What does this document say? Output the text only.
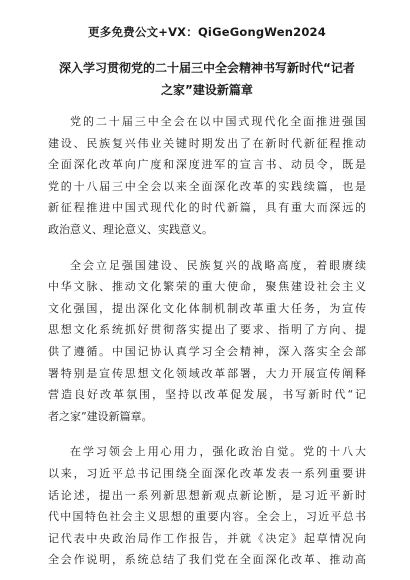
更多免费公文+VX：QiGeGongWen2024
深入学习贯彻党的二十届三中全会精神书写新时代“记者
之家”建设新篇章
党的二十届三中全会在以中国式现代化全面推进强国
建设、民族复兴伟业关键时期发出了在新时代新征程推动
全面深化改革向广度和深度进军的宣言书、动员令，既是
党的十八届三中全会以来全面深化改革的实践续篇，也是
新征程推进中国式现代化的时代新篇，具有重大而深远的
政治意义、理论意义、实践意义。
全会立足强国建设、民族复兴的战略高度，着眼赓续
中华文脉、推动文化繁荣的重大使命，聚焦建设社会主义
文化强国，提出深化文化体制机制改革重大任务，为宣传
思想文化系统抓好贯彻落实提出了要求、指明了方向、提
供了遵循。中国记协认真学习全会精神，深入落实全会部
署特别是宣传思想文化领域改革部署，大力开展宣传阐释
营造良好改革氛围，坚持以改革促发展，书写新时代“记
者之家”建设新篇章。
在学习领会上用心用力，强化政治自觉。党的十八大
以来，习近平总书记围绕全面深化改革发表一系列重要讲
话论述，提出一系列新思想新观点新论断，是习近平新时
代中国特色社会主义思想的重要内容。全会上，习近平总书
记代表中央政治局作工作报告，并就《决定》起草情况向
全会作说明，系统总结了我们党在全面深化改革、推动高
